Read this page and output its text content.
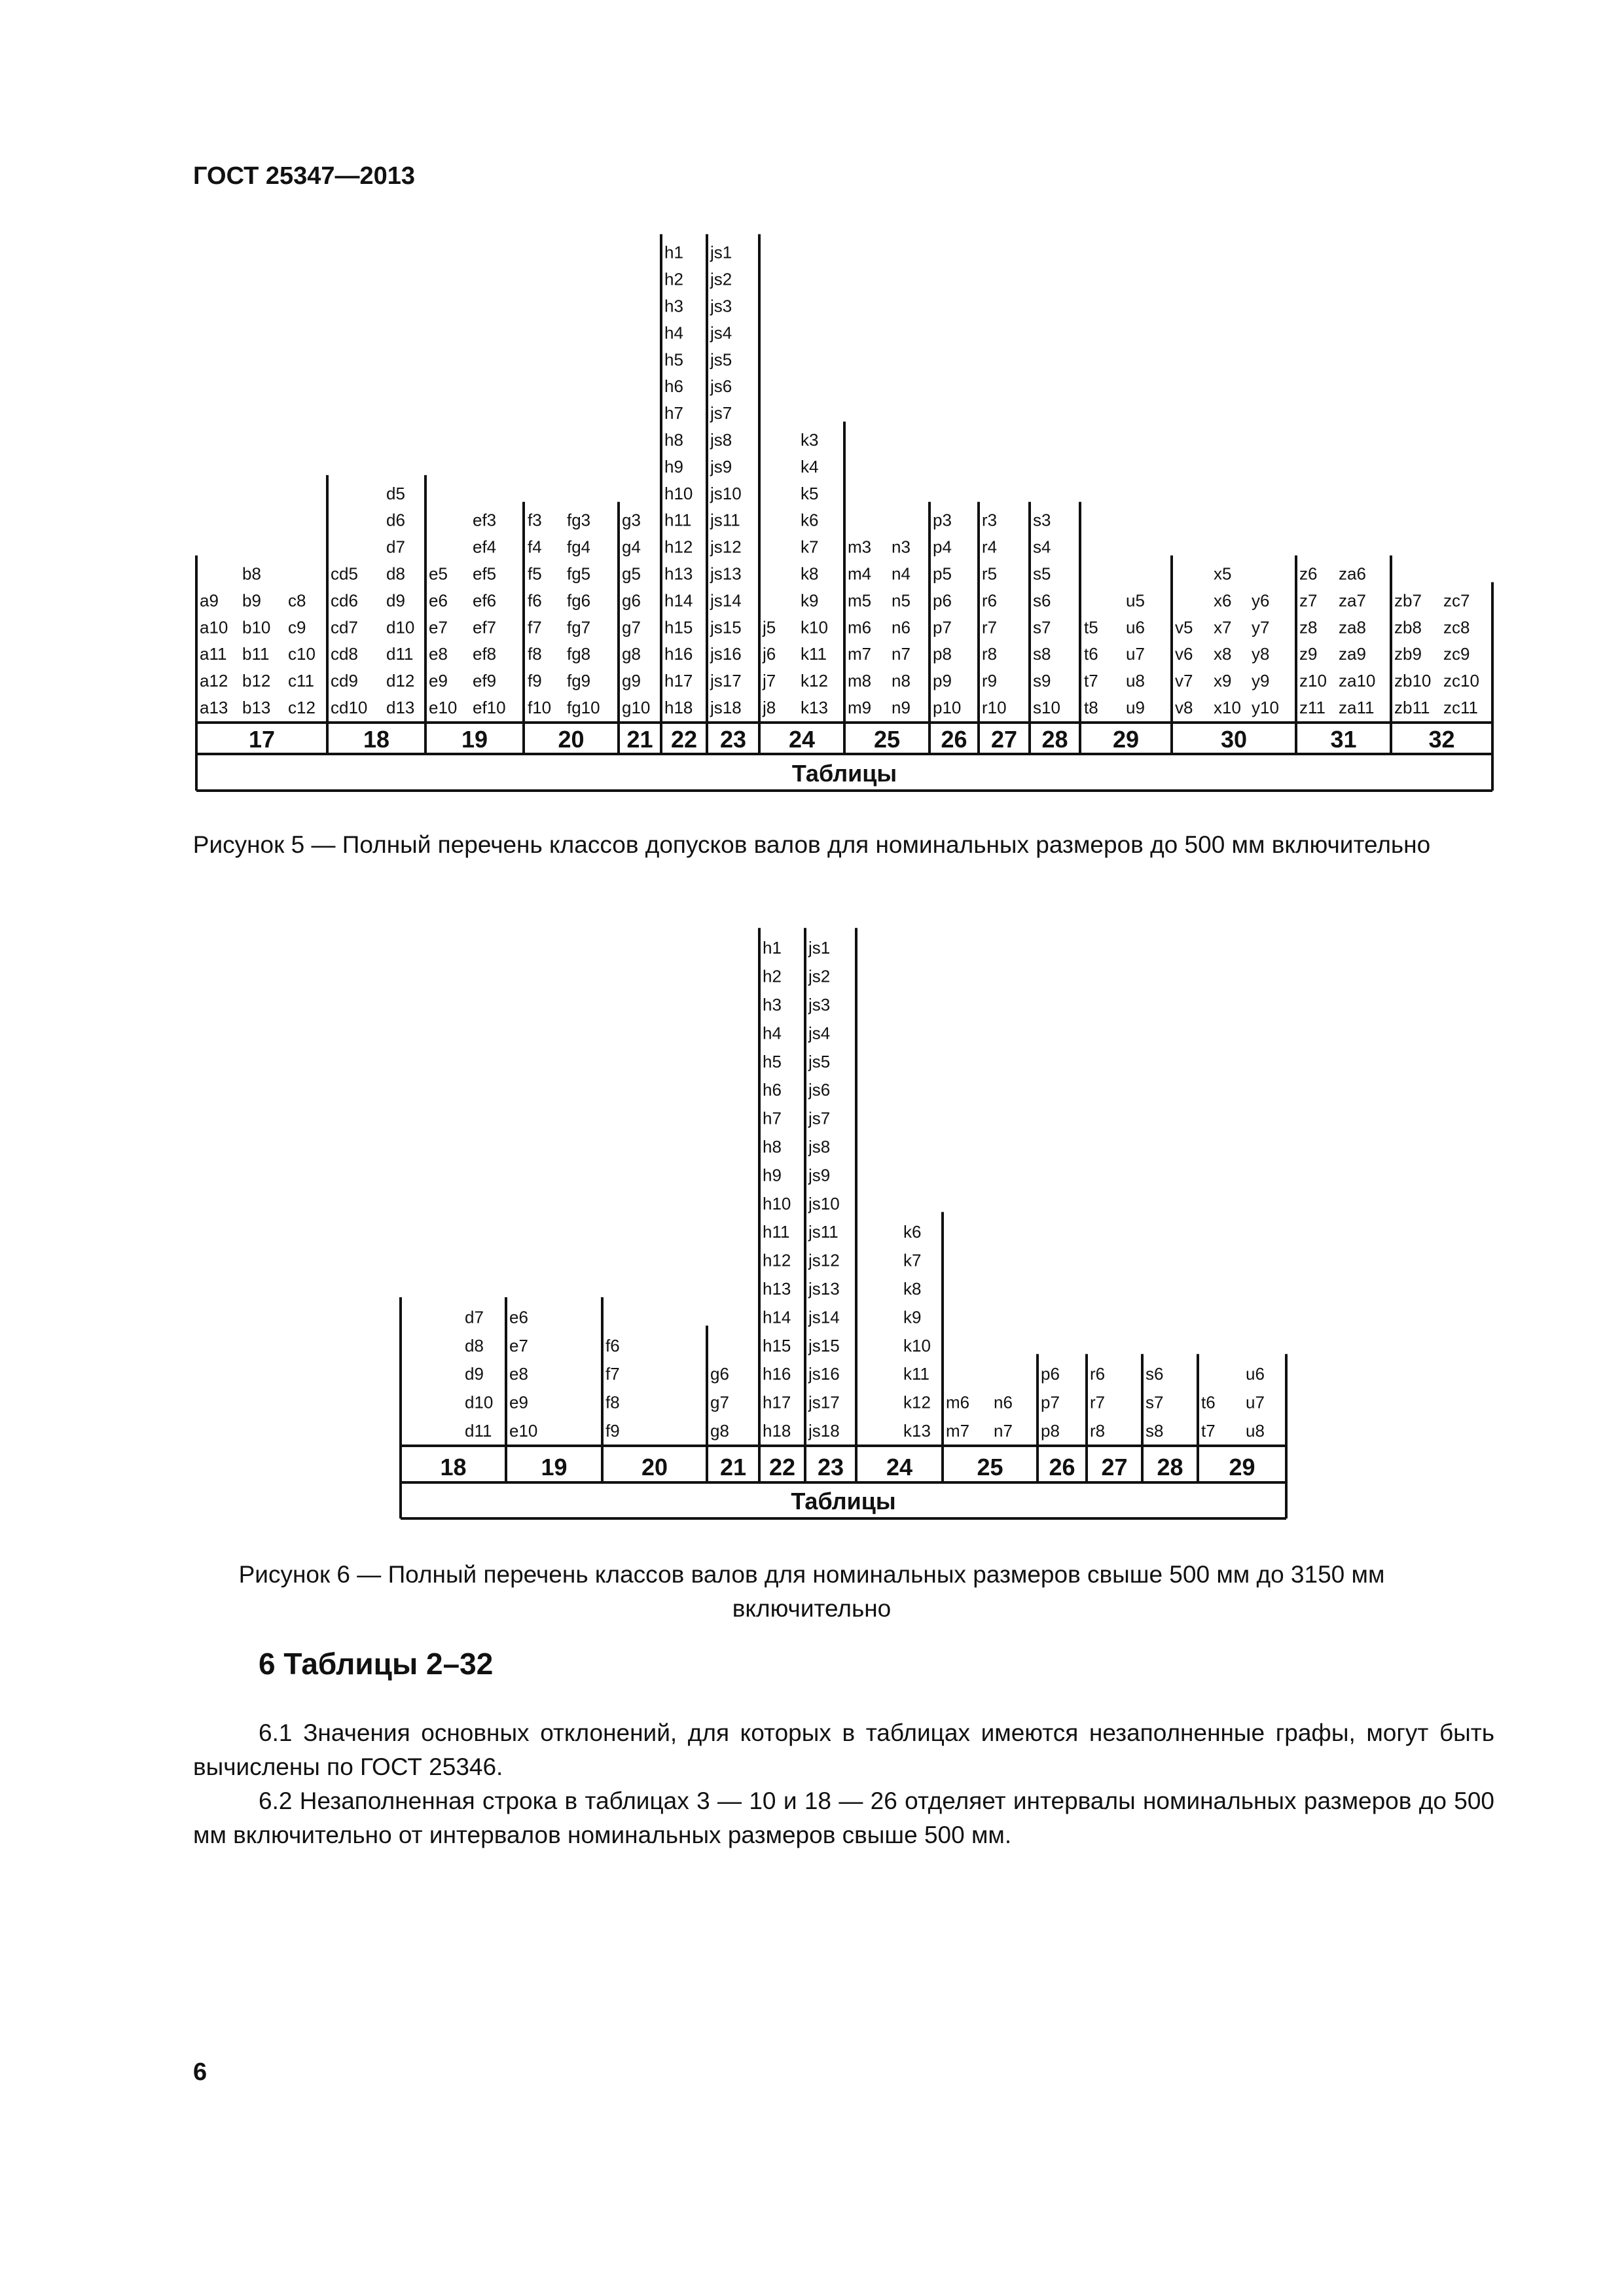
ГОСТ 25347—2013
a9
a10
a11
a12
a13
b8
b9
b10
b11
b12
b13
c8
c9
c10
c11
c12
17
cd5
cd6
cd7
cd8
cd9
cd10
d5
d6
d7
d8
d9
d10
d11
d12
d13
18
e5
e6
e7
e8
e9
e10
ef3
ef4
ef5
ef6
ef7
ef8
ef9
ef10
19
f3
f4
f5
f6
f7
f8
f9
f10
fg3
fg4
fg5
fg6
fg7
fg8
fg9
fg10
20
g3
g4
g5
g6
g7
g8
g9
g10
21
h1
h2
h3
h4
h5
h6
h7
h8
h9
h10
h11
h12
h13
h14
h15
h16
h17
h18
22
js1
js2
js3
js4
js5
js6
js7
js8
js9
js10
js11
js12
js13
js14
js15
js16
js17
js18
23
j5
j6
j7
j8
k3
k4
k5
k6
k7
k8
k9
k10
k11
k12
k13
24
m3
m4
m5
m6
m7
m8
m9
n3
n4
n5
n6
n7
n8
n9
25
p3
p4
p5
p6
p7
p8
p9
p10
26
r3
r4
r5
r6
r7
r8
r9
r10
27
s3
s4
s5
s6
s7
s8
s9
s10
28
t5
t6
t7
t8
u5
u6
u7
u8
u9
29
v5
v6
v7
v8
x5
x6
x7
x8
x9
x10
y6
y7
y8
y9
y10
30
z6
z7
z8
z9
z10
z11
za6
za7
za8
za9
za10
za11
31
zb7
zb8
zb9
zb10
zb11
zc7
zc8
zc9
zc10
zc11
32
Таблицы
Рисунок 5 — Полный перечень классов допусков валов для номинальных размеров до 500 мм включительно
d7
d8
d9
d10
d11
18
e6
e7
e8
e9
e10
19
f6
f7
f8
f9
20
g6
g7
g8
21
h1
h2
h3
h4
h5
h6
h7
h8
h9
h10
h11
h12
h13
h14
h15
h16
h17
h18
22
js1
js2
js3
js4
js5
js6
js7
js8
js9
js10
js11
js12
js13
js14
js15
js16
js17
js18
23
k6
k7
k8
k9
k10
k11
k12
k13
24
m6
m7
n6
n7
25
p6
p7
p8
26
r6
r7
r8
27
s6
s7
s8
28
t6
t7
u6
u7
u8
29
Таблицы
Рисунок 6 — Полный перечень классов валов для номинальных размеров свыше 500 мм до 3150 мм включительно
6 Таблицы 2–32
6.1 Значения основных отклонений, для которых в таблицах имеются незаполненные графы, могут быть вычислены по ГОСТ 25346.
6.2 Незаполненная строка в таблицах 3 — 10 и 18 — 26 отделяет интервалы номинальных размеров до 500 мм включительно от интервалов номинальных размеров свыше 500 мм.
6
